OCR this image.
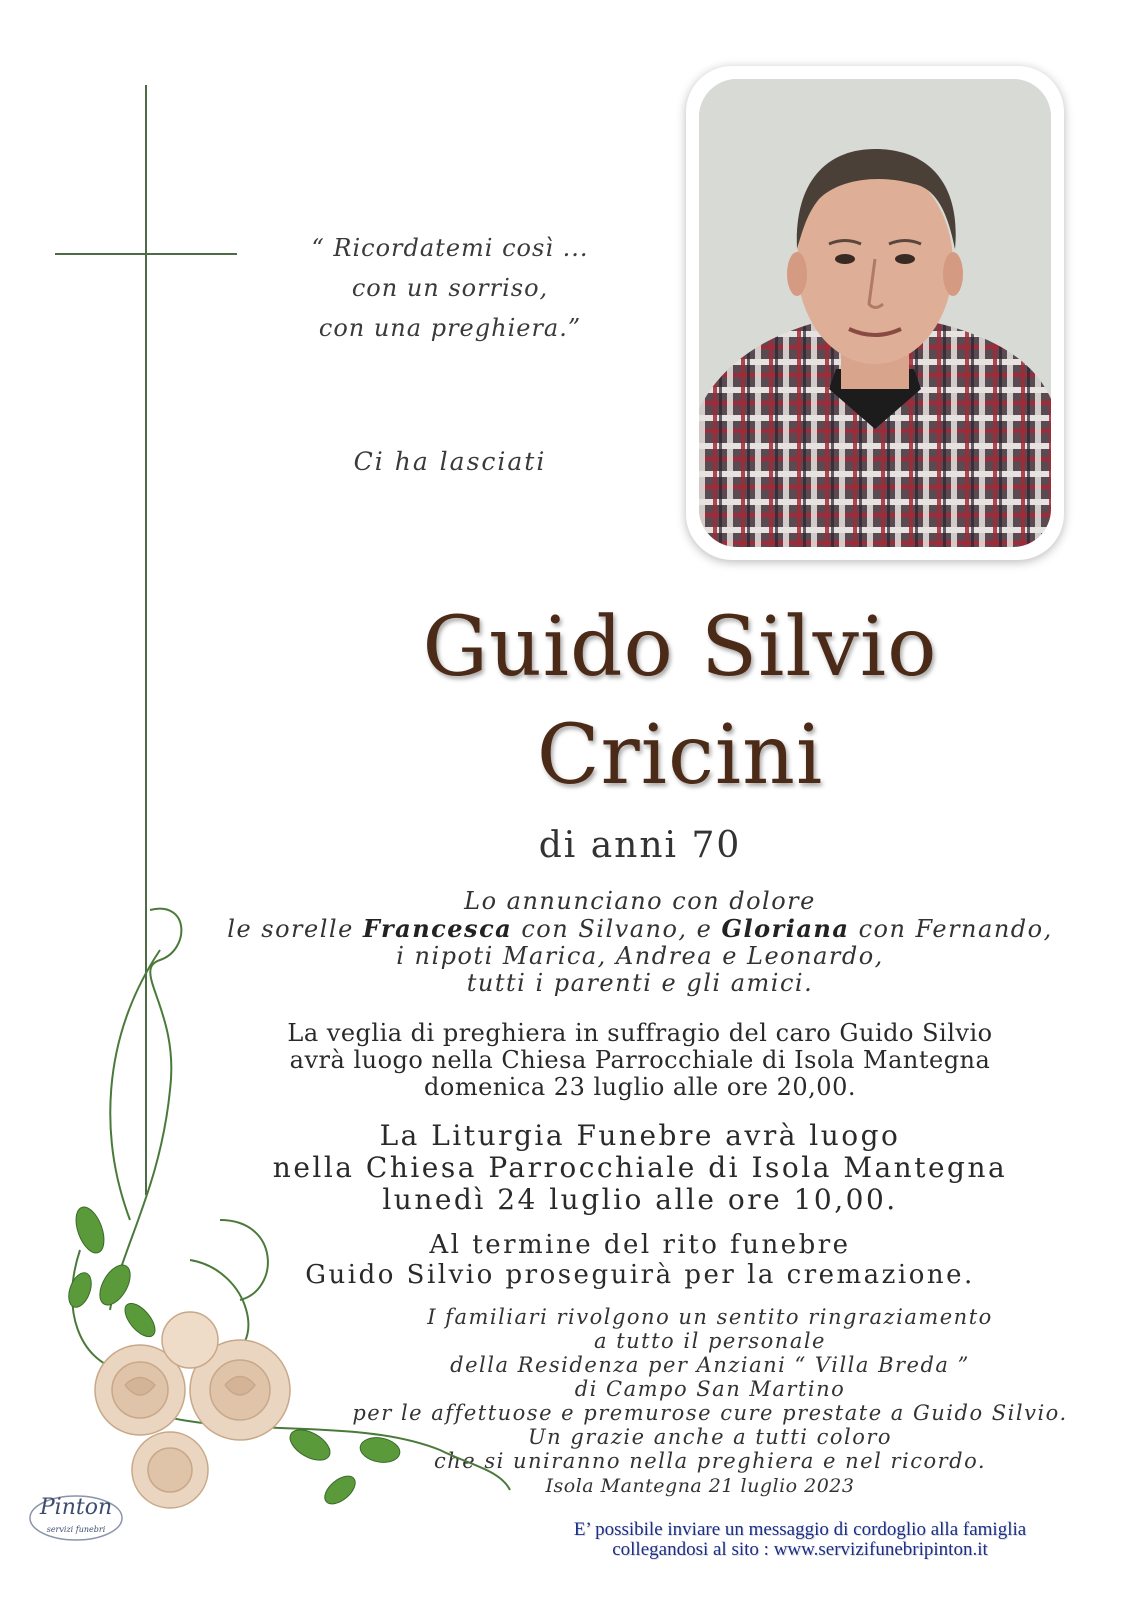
“ Ricordatemi così ...
con un sorriso,
con una preghiera.”
Ci ha lasciati
Guido Silvio
Cricini
di anni 70
Lo annunciano con dolore
le sorelle Francesca con Silvano, e Gloriana con Fernando,
i nipoti Marica, Andrea e Leonardo,
tutti i parenti e gli amici.
La veglia di preghiera in suffragio del caro Guido Silvio
avrà luogo nella Chiesa Parrocchiale di Isola Mantegna
domenica 23 luglio alle ore 20,00.
La Liturgia Funebre avrà luogo
nella Chiesa Parrocchiale di Isola Mantegna
lunedì 24 luglio alle ore 10,00.
Al termine del rito funebre
Guido Silvio proseguirà per la cremazione.
I familiari rivolgono un sentito ringraziamento
a tutto il personale
della Residenza per Anziani “ Villa Breda ”
di Campo San Martino
per le affettuose e premurose cure prestate a Guido Silvio.
Un grazie anche a tutti coloro
che si uniranno nella preghiera e nel ricordo.
Isola Mantegna 21 luglio 2023
E’ possibile inviare un messaggio di cordoglio alla famiglia
collegandosi al sito : www.servizifunebripinton.it
Pinton
servizi funebri
